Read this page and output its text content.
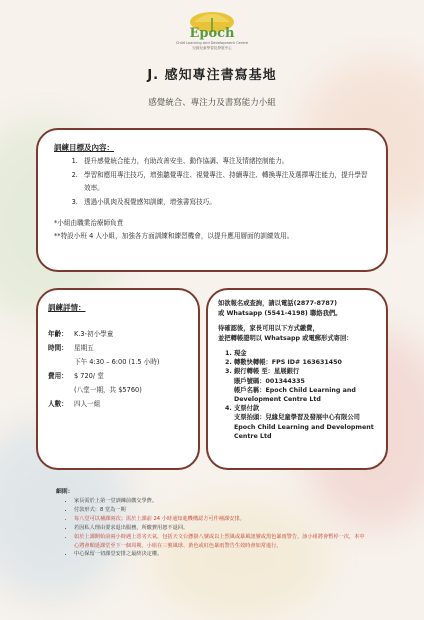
Epoch
Child Learning and Development Centre
兒緣兒童學習及發展中心
J. 感知專注書寫基地
感覺統合、專注力及書寫能力小組
訓練目標及內容：
1. 提升感覺統合能力，有助改善安坐、動作協調、專注及情緒控制能力。
2. 學習和應用專注技巧，增強聽覺專注、視覺專注、持續專注、轉換專注及選擇專注能力，提升學習效率。
3. 透過小肌肉及視覺感知訓練，增強書寫技巧。
*小組由職業治療師負責
**特設小班 4 人小組，加強各方面訓練和練習機會，以提升應用層面的訓練效用。
訓練詳情：
年齡： K.3-初小學童
時間： 星期五
下午 4:30 – 6:00 (1.5 小時)
費用： $ 720/ 堂
(八堂一期，共 $5760)
人數： 四人一組
如欲報名或查詢，請以電話(2877-8787)
或 Whatsapp (5541-4198) 聯絡我們。
待確認後，家長可用以下方式繳費，
並把轉帳證明以 Whatsapp 或電郵形式寄回：
1. 現金
2. 轉數快轉帳：FPS ID# 163631450
3. 銀行轉帳 至：星展銀行
賬戶號碼：001344335
帳戶名稱：Epoch Child Learning and Development Centre Ltd
4. 支票付款
支票抬頭：兒緣兒童學習及發展中心有限公司 Epoch Child Learning and Development Centre Ltd
細則：
• 家長需於上第一堂訓練前繳交學費。
• 付款形式：8 堂為一期
• 每八堂可以補課兩次；需於上課前 24 小時通知進機構認方可作補課安排。
• 若因私人理由要求退出服務，所繳費用恕不退回。
• 如於上課開始前兩小時遇上惡劣天氣，包括天文台懸掛八號或以上烈風或暴風訊號或黑色暴雨警告，該小組將會暫停一次，本中心將會順延課堂至下一個周期。小組在三號風球、黃色或紅色暴雨警告生效時會如常進行。
• 中心保留一切課堂安排之最終決定權。
